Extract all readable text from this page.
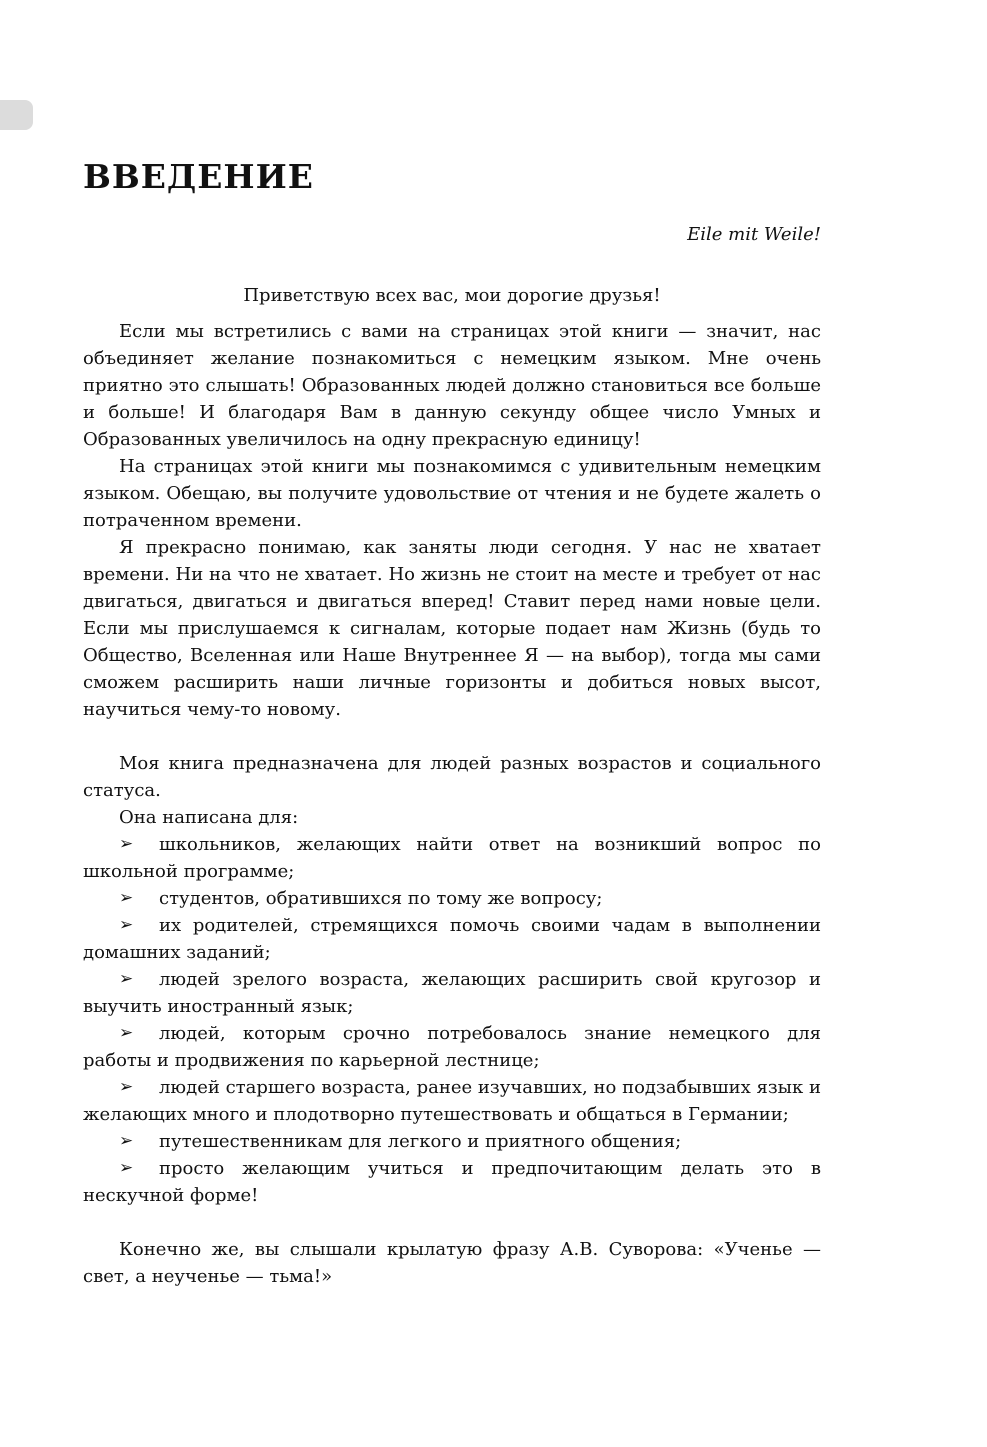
ВВЕДЕНИЕ
Eile mit Weile!
Приветствую всех вас, мои дорогие друзья!

Если мы встретились с вами на страницах этой книги — значит, нас объединяет желание познакомиться с немецким языком. Мне очень приятно это слышать! Образованных людей должно становиться все больше и больше! И благодаря Вам в данную секунду общее число Умных и Образованных увеличилось на одну прекрасную единицу!

На страницах этой книги мы познакомимся с удивительным немецким языком. Обещаю, вы получите удовольствие от чтения и не будете жалеть о потраченном времени.

Я прекрасно понимаю, как заняты люди сегодня. У нас не хватает времени. Ни на что не хватает. Но жизнь не стоит на месте и требует от нас двигаться, двигаться и двигаться вперед! Ставит перед нами новые цели. Если мы прислушаемся к сигналам, которые подает нам Жизнь (будь то Общество, Вселенная или Наше Внутреннее Я — на выбор), тогда мы сами сможем расширить наши личные горизонты и добиться новых высот, научиться чему-то новому.

Моя книга предназначена для людей разных возрастов и социального статуса.

Она написана для:

➢	школьников, желающих найти ответ на возникший вопрос по школьной программе;
➢	студентов, обратившихся по тому же вопросу;
➢	их родителей, стремящихся помочь своими чадам в выполнении домашних заданий;
➢	людей зрелого возраста, желающих расширить свой кругозор и выучить иностранный язык;
➢	людей, которым срочно потребовалось знание немецкого для работы и продвижения по карьерной лестнице;
➢	людей старшего возраста, ранее изучавших, но подзабывших язык и желающих много и плодотворно путешествовать и общаться в Германии;
➢	путешественникам для легкого и приятного общения;
➢	просто желающим учиться и предпочитающим делать это в нескучной форме!

Конечно же, вы слышали крылатую фразу А.В. Суворова: «Ученье — свет, а неученье — тьма!»
